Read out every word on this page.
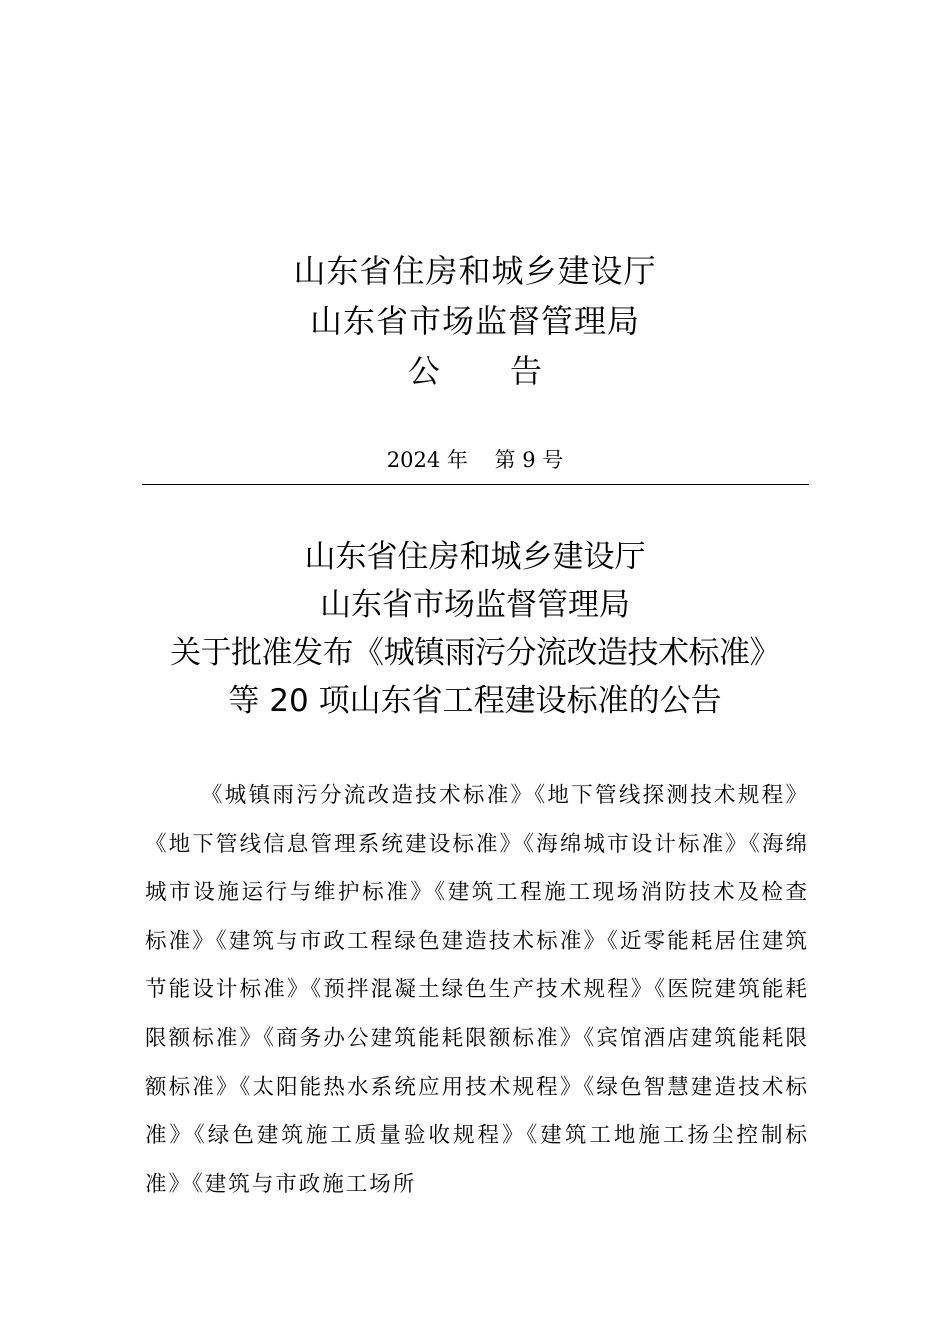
山东省住房和城乡建设厅
山东省市场监督管理局
公告
2024 年    第 9 号
山东省住房和城乡建设厅
山东省市场监督管理局
关于批准发布《城镇雨污分流改造技术标准》
等 20 项山东省工程建设标准的公告

《城镇雨污分流改造技术标准》《地下管线探测技术规程》《地下管线信息管理系统建设标准》《海绵城市设计标准》《海绵城市设施运行与维护标准》《建筑工程施工现场消防技术及检查标准》《建筑与市政工程绿色建造技术标准》《近零能耗居住建筑节能设计标准》《预拌混凝土绿色生产技术规程》《医院建筑能耗限额标准》《商务办公建筑能耗限额标准》《宾馆酒店建筑能耗限额标准》《太阳能热水系统应用技术规程》《绿色智慧建造技术标准》《绿色建筑施工质量验收规程》《建筑工地施工扬尘控制标准》《建筑与市政施工场所
